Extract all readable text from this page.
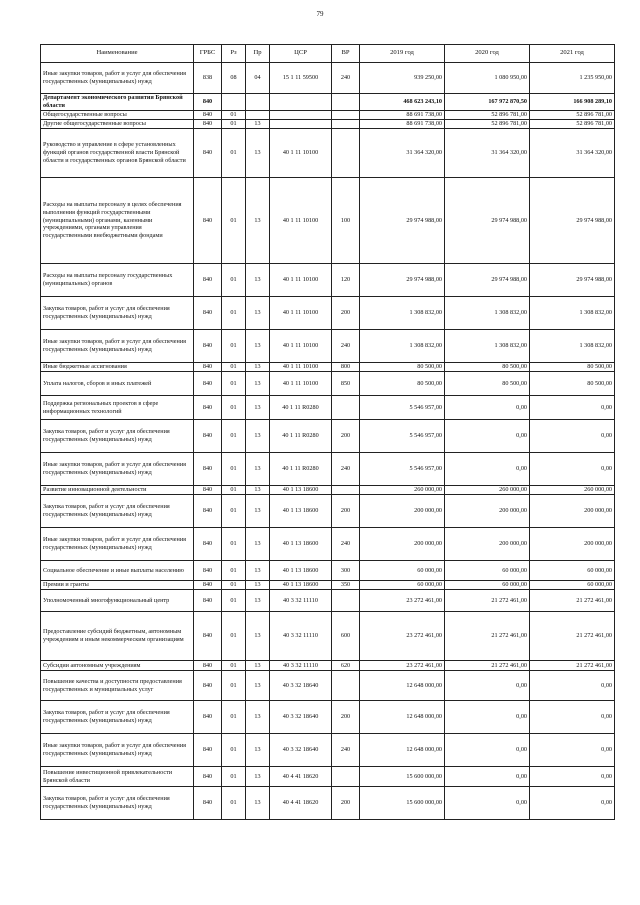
79
Наименование	ГРБС	Рз	Пр	ЦСР	ВР	2019 год	2020 год	2021 год
Иные закупки товаров, работ и услуг для обеспечения государственных (муниципальных) нужд	838	08	04	15 1 11 59500	240	939 250,00	1 080 950,00	1 235 950,00
Департамент экономического развития Брянской области	840					468 623 243,10	167 972 870,50	166 908 289,10
Общегосударственные вопросы	840	01				88 691 738,00	52 896 781,00	52 896 781,00
Другие общегосударственные вопросы	840	01	13			88 691 738,00	52 896 781,00	52 896 781,00
Руководство и управление в сфере установленных функций органов государственной власти Брянской области и государственных органов Брянской области	840	01	13	40 1 11 10100		31 364 320,00	31 364 320,00	31 364 320,00
Расходы на выплаты персоналу в целях обеспечения выполнения функций государственными (муниципальными) органами, казенными учреждениями, органами управления государственными внебюджетными фондами	840	01	13	40 1 11 10100	100	29 974 988,00	29 974 988,00	29 974 988,00
Расходы на выплаты персоналу государственных (муниципальных) органов	840	01	13	40 1 11 10100	120	29 974 988,00	29 974 988,00	29 974 988,00
Закупка товаров, работ и услуг для обеспечения государственных (муниципальных) нужд	840	01	13	40 1 11 10100	200	1 308 832,00	1 308 832,00	1 308 832,00
Иные закупки товаров, работ и услуг для обеспечения государственных (муниципальных) нужд	840	01	13	40 1 11 10100	240	1 308 832,00	1 308 832,00	1 308 832,00
Иные бюджетные ассигнования	840	01	13	40 1 11 10100	800	80 500,00	80 500,00	80 500,00
Уплата налогов, сборов и иных платежей	840	01	13	40 1 11 10100	850	80 500,00	80 500,00	80 500,00
Поддержка региональных проектов в сфере информационных технологий	840	01	13	40 1 11 R0280		5 546 957,00	0,00	0,00
Закупка товаров, работ и услуг для обеспечения государственных (муниципальных) нужд	840	01	13	40 1 11 R0280	200	5 546 957,00	0,00	0,00
Иные закупки товаров, работ и услуг для обеспечения государственных (муниципальных) нужд	840	01	13	40 1 11 R0280	240	5 546 957,00	0,00	0,00
Развитие инновационной деятельности	840	01	13	40 1 13 18600		260 000,00	260 000,00	260 000,00
Закупка товаров, работ и услуг для обеспечения государственных (муниципальных) нужд	840	01	13	40 1 13 18600	200	200 000,00	200 000,00	200 000,00
Иные закупки товаров, работ и услуг для обеспечения государственных (муниципальных) нужд	840	01	13	40 1 13 18600	240	200 000,00	200 000,00	200 000,00
Социальное обеспечение и иные выплаты населению	840	01	13	40 1 13 18600	300	60 000,00	60 000,00	60 000,00
Премии и гранты	840	01	13	40 1 13 18600	350	60 000,00	60 000,00	60 000,00
Уполномоченный многофункциональный центр	840	01	13	40 3 32 11110		23 272 461,00	21 272 461,00	21 272 461,00
Предоставление субсидий бюджетным, автономным учреждениям и иным некоммерческим организациям	840	01	13	40 3 32 11110	600	23 272 461,00	21 272 461,00	21 272 461,00
Субсидии автономным учреждениям	840	01	13	40 3 32 11110	620	23 272 461,00	21 272 461,00	21 272 461,00
Повышение качества и доступности предоставления государственных и муниципальных услуг	840	01	13	40 3 32 18640		12 648 000,00	0,00	0,00
Закупка товаров, работ и услуг для обеспечения государственных (муниципальных) нужд	840	01	13	40 3 32 18640	200	12 648 000,00	0,00	0,00
Иные закупки товаров, работ и услуг для обеспечения государственных (муниципальных) нужд	840	01	13	40 3 32 18640	240	12 648 000,00	0,00	0,00
Повышение инвестиционной привлекательности Брянской области	840	01	13	40 4 41 18620		15 600 000,00	0,00	0,00
Закупка товаров, работ и услуг для обеспечения государственных (муниципальных) нужд	840	01	13	40 4 41 18620	200	15 600 000,00	0,00	0,00
